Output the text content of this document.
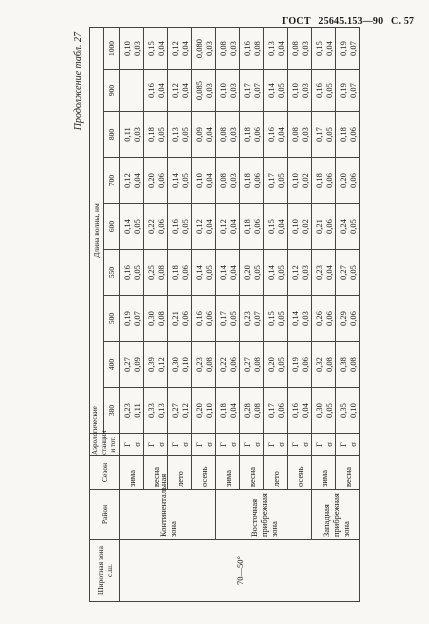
ГОСТ 25645.153—90 С. 57
Продолжение табл. 27
Широтная зона с.ш.	Район	Сезон	Аэрологические станции и тот.	Длина волны, нм								
				380	400	500	550	600	700	800	900	1000
70—50°	Континентальная зона	зима	Г σ	0,23 0,11	0,27 0,09	0,19 0,07	0,16 0,05	0,14 0,05	0,12 0,04	0,11 0,03		0,10 0,03

		весна	Г σ	0,33 0,13	0,39 0,12	0,30 0,08	0,25 0,08	0,22 0,06	0,20 0,06	0,18 0,05	0,16 0,04	0,15 0,04

		лето	Г σ	0,27 0,12	0,30 0,10	0,21 0,06	0,18 0,06	0,16 0,05	0,14 0,05	0,13 0,05	0,12 0,04	0,12 0,04

		осень	Г σ	0,20 0,10	0,23 0,08	0,16 0,06	0,14 0,05	0,12 0,04	0,10 0,04	0,09 0,04	0,085 0,03	0,080 0,03

	Восточная прибрежная зона	зима	Г σ	0,18 0,04	0,22 0,06	0,17 0,05	0,14 0,04	0,12 0,04	0,08 0,03	0,08 0,03	0,10 0,03	0,08 0,03

		весна	Г σ	0,28 0,08	0,27 0,08	0,23 0,07	0,20 0,05	0,18 0,06	0,18 0,06	0,18 0,06	0,17 0,07	0,16 0,08

		лето	Г σ	0,17 0,06	0,20 0,05	0,15 0,05	0,14 0,05	0,15 0,04	0,17 0,05	0,16 0,04	0,14 0,05	0,13 0,04

		осень	Г σ	0,16 0,04	0,19 0,06	0,14 0,03	0,12 0,03	0,10 0,02	0,10 0,02	0,08 0,03	0,10 0,03	0,08 0,03

	Западная прибрежная зона	зима	Г σ	0,30 0,05	0,32 0,08	0,26 0,06	0,23 0,04	0,21 0,06	0,18 0,06	0,17 0,05	0,16 0,05	0,15 0,04

		весна	Г σ	0,35 0,10	0,38 0,08	0,29 0,06	0,27 0,05	0,24 0,05	0,20 0,06	0,18 0,06	0,19 0,07	0,19 0,07
